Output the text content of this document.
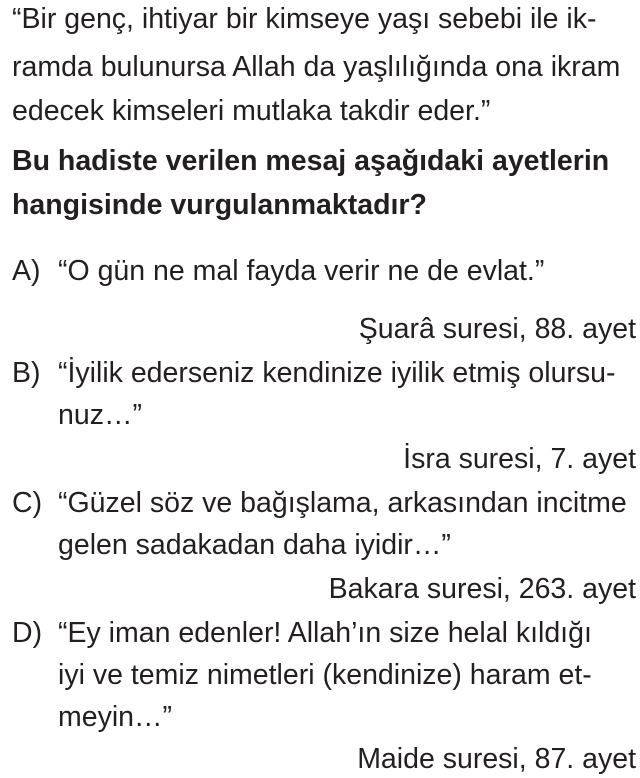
“Bir genç, ihtiyar bir kimseye yaşı sebebi ile ik-
ramda bulunursa Allah da yaşlılığında ona ikram
edecek kimseleri mutlaka takdir eder.”
Bu hadiste verilen mesaj aşağıdaki ayetlerin
hangisinde vurgulanmaktadır?
A) “O gün ne mal fayda verir ne de evlat.”
Şuarâ suresi, 88. ayet
B) “İyilik ederseniz kendinize iyilik etmiş olursu-
nuz…”
İsra suresi, 7. ayet
C) “Güzel söz ve bağışlama, arkasından incitme
gelen sadakadan daha iyidir…”
Bakara suresi, 263. ayet
D) “Ey iman edenler! Allah’ın size helal kıldığı
iyi ve temiz nimetleri (kendinize) haram et-
meyin…”
Maide suresi, 87. ayet
